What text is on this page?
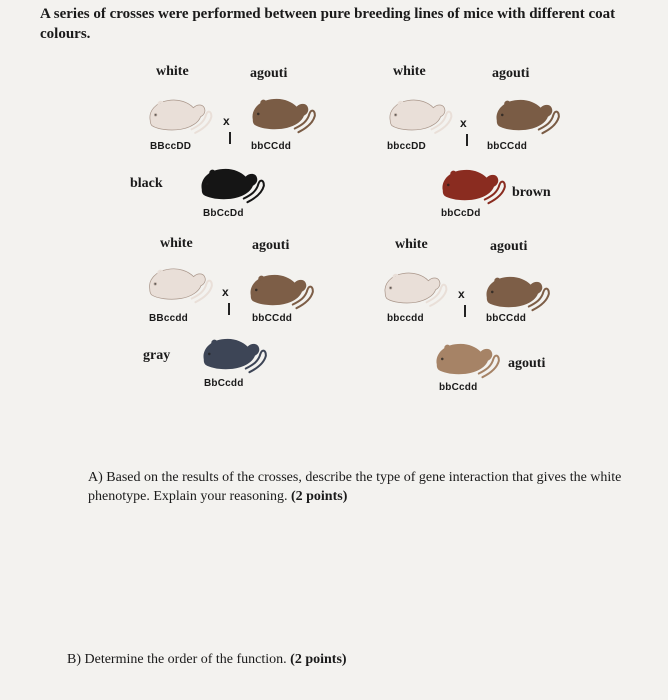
A series of crosses were performed between pure breeding lines of mice with different coat colours.
white	agouti
x
BBccDD	bbCCdd
black
BbCcDd
white	agouti
x
bbccDD	bbCCdd
brown
bbCcDd
white	agouti
x
BBccdd	bbCCdd
gray
BbCcdd
white	agouti
x
bbccdd	bbCCdd
agouti
bbCcdd
A) Based on the results of the crosses, describe the type of gene interaction that gives the white phenotype. Explain your reasoning. (2 points)
B) Determine the order of the function. (2 points)
